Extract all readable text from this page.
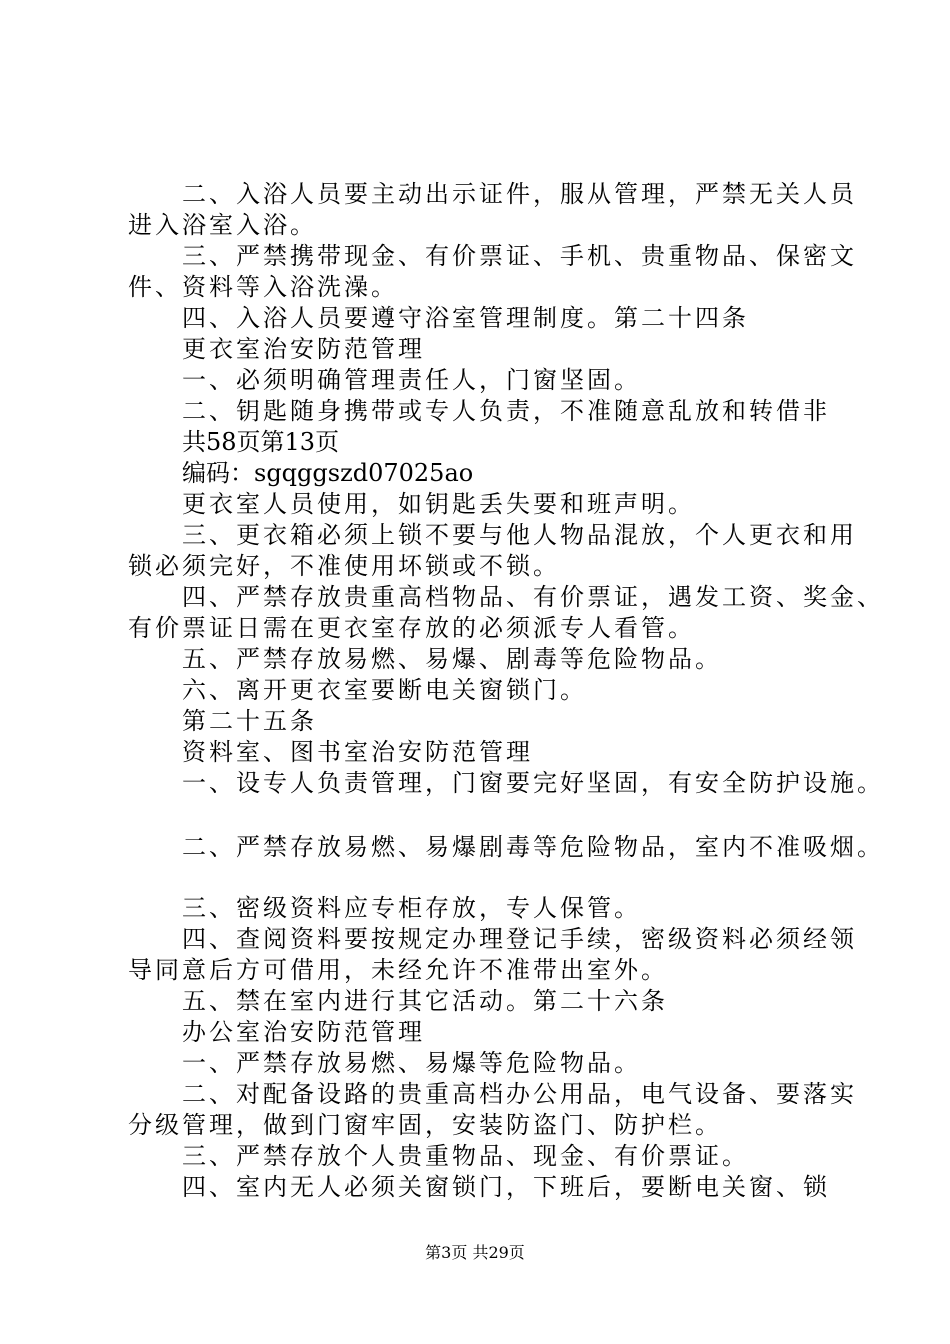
二、入浴人员要主动出示证件，服从管理，严禁无关人员
进入浴室入浴。
三、严禁携带现金、有价票证、手机、贵重物品、保密文
件、资料等入浴洗澡。
四、入浴人员要遵守浴室管理制度。第二十四条
更衣室治安防范管理
一、必须明确管理责任人，门窗坚固。
二、钥匙随身携带或专人负责，不准随意乱放和转借非
共58页第13页
编码：sgqggszd07025ao
更衣室人员使用，如钥匙丢失要和班声明。
三、更衣箱必须上锁不要与他人物品混放，个人更衣和用
锁必须完好，不准使用坏锁或不锁。
四、严禁存放贵重高档物品、有价票证，遇发工资、奖金、
有价票证日需在更衣室存放的必须派专人看管。
五、严禁存放易燃、易爆、剧毒等危险物品。
六、离开更衣室要断电关窗锁门。
第二十五条
资料室、图书室治安防范管理
一、设专人负责管理，门窗要完好坚固，有安全防护设施。
二、严禁存放易燃、易爆剧毒等危险物品，室内不准吸烟。
三、密级资料应专柜存放，专人保管。
四、查阅资料要按规定办理登记手续，密级资料必须经领
导同意后方可借用，未经允许不准带出室外。
五、禁在室内进行其它活动。第二十六条
办公室治安防范管理
一、严禁存放易燃、易爆等危险物品。
二、对配备设路的贵重高档办公用品，电气设备、要落实
分级管理，做到门窗牢固，安装防盗门、防护栏。
三、严禁存放个人贵重物品、现金、有价票证。
四、室内无人必须关窗锁门，下班后，要断电关窗、锁
第3页 共29页
